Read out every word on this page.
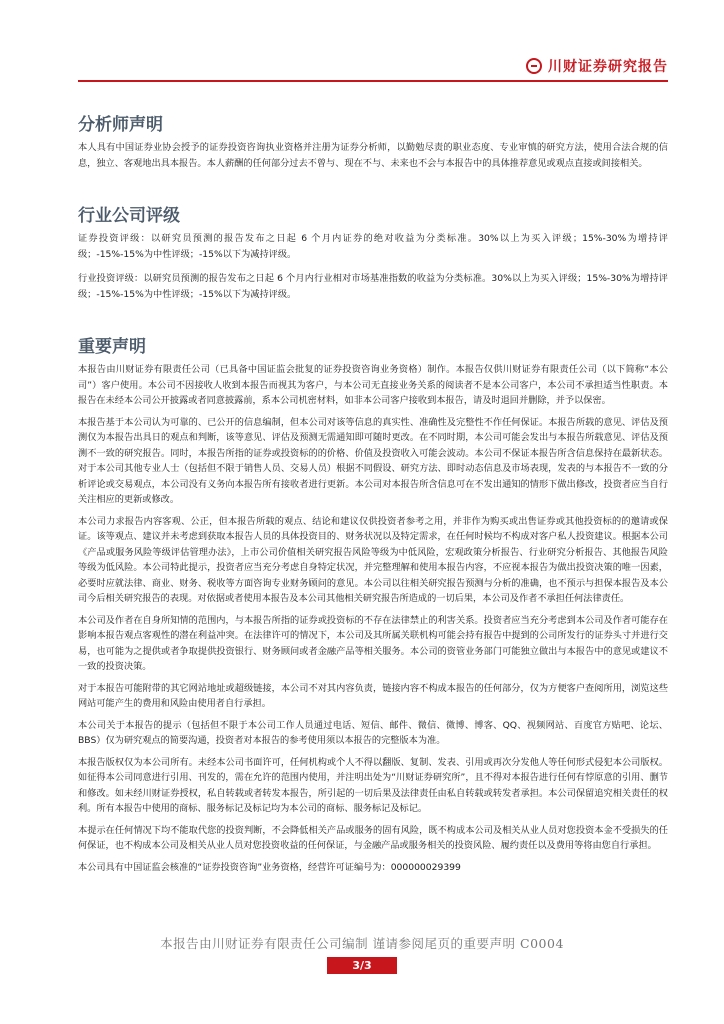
川财证券研究报告
分析师声明

本人具有中国证券业协会授予的证券投资咨询执业资格并注册为证券分析师，以勤勉尽责的职业态度、专业审慎的研究方法，使用合法合规的信息，独立、客观地出具本报告。本人薪酬的任何部分过去不曾与、现在不与、未来也不会与本报告中的具体推荐意见或观点直接或间接相关。

行业公司评级

证券投资评级：以研究员预测的报告发布之日起 6 个月内证券的绝对收益为分类标准。30%以上为买入评级；15%-30%为增持评级；-15%-15%为中性评级；-15%以下为减持评级。

行业投资评级：以研究员预测的报告发布之日起 6 个月内行业相对市场基准指数的收益为分类标准。30%以上为买入评级；15%-30%为增持评级；-15%-15%为中性评级；-15%以下为减持评级。

重要声明

本报告由川财证券有限责任公司（已具备中国证监会批复的证券投资咨询业务资格）制作。本报告仅供川财证券有限责任公司（以下简称“本公司”）客户使用。本公司不因接收人收到本报告而视其为客户，与本公司无直接业务关系的阅读者不是本公司客户，本公司不承担适当性职责。本报告在未经本公司公开披露或者同意披露前，系本公司机密材料，如非本公司客户接收到本报告，请及时退回并删除，并予以保密。

本报告基于本公司认为可靠的、已公开的信息编制，但本公司对该等信息的真实性、准确性及完整性不作任何保证。本报告所载的意见、评估及预测仅为本报告出具日的观点和判断，该等意见、评估及预测无需通知即可随时更改。在不同时期，本公司可能会发出与本报告所载意见、评估及预测不一致的研究报告。同时，本报告所指的证券或投资标的的价格、价值及投资收入可能会波动。本公司不保证本报告所含信息保持在最新状态。对于本公司其他专业人士（包括但不限于销售人员、交易人员）根据不同假设、研究方法、即时动态信息及市场表现，发表的与本报告不一致的分析评论或交易观点，本公司没有义务向本报告所有接收者进行更新。本公司对本报告所含信息可在不发出通知的情形下做出修改，投资者应当自行关注相应的更新或修改。

本公司力求报告内容客观、公正，但本报告所载的观点、结论和建议仅供投资者参考之用，并非作为购买或出售证券或其他投资标的的邀请或保证。该等观点、建议并未考虑到获取本报告人员的具体投资目的、财务状况以及特定需求，在任何时候均不构成对客户私人投资建议。根据本公司《产品或服务风险等级评估管理办法》，上市公司价值相关研究报告风险等级为中低风险，宏观政策分析报告、行业研究分析报告、其他报告风险等级为低风险。本公司特此提示，投资者应当充分考虑自身特定状况，并完整理解和使用本报告内容，不应视本报告为做出投资决策的唯一因素，必要时应就法律、商业、财务、税收等方面咨询专业财务顾问的意见。本公司以往相关研究报告预测与分析的准确，也不预示与担保本报告及本公司今后相关研究报告的表现。对依据或者使用本报告及本公司其他相关研究报告所造成的一切后果，本公司及作者不承担任何法律责任。

本公司及作者在自身所知情的范围内，与本报告所指的证券或投资标的不存在法律禁止的利害关系。投资者应当充分考虑到本公司及作者可能存在影响本报告观点客观性的潜在利益冲突。在法律许可的情况下，本公司及其所属关联机构可能会持有报告中提到的公司所发行的证券头寸并进行交易，也可能为之提供或者争取提供投资银行、财务顾问或者金融产品等相关服务。本公司的资管业务部门可能独立做出与本报告中的意见或建议不一致的投资决策。

对于本报告可能附带的其它网站地址或超级链接，本公司不对其内容负责，链接内容不构成本报告的任何部分，仅为方便客户查阅所用，浏览这些网站可能产生的费用和风险由使用者自行承担。

本公司关于本报告的提示（包括但不限于本公司工作人员通过电话、短信、邮件、微信、微博、博客、QQ、视频网站、百度官方贴吧、论坛、BBS）仅为研究观点的简要沟通，投资者对本报告的参考使用须以本报告的完整版本为准。

本报告版权仅为本公司所有。未经本公司书面许可，任何机构或个人不得以翻版、复制、发表、引用或再次分发他人等任何形式侵犯本公司版权。如征得本公司同意进行引用、刊发的，需在允许的范围内使用，并注明出处为“川财证券研究所”，且不得对本报告进行任何有悖原意的引用、删节和修改。如未经川财证券授权，私自转载或者转发本报告，所引起的一切后果及法律责任由私自转载或转发者承担。本公司保留追究相关责任的权利。所有本报告中使用的商标、服务标记及标记均为本公司的商标、服务标记及标记。

本提示在任何情况下均不能取代您的投资判断，不会降低相关产品或服务的固有风险，既不构成本公司及相关从业人员对您投资本金不受损失的任何保证，也不构成本公司及相关从业人员对您投资收益的任何保证，与金融产品或服务相关的投资风险、履约责任以及费用等将由您自行承担。

本公司具有中国证监会核准的“证券投资咨询”业务资格，经营许可证编号为：000000029399

本报告由川财证券有限责任公司编制 谨请参阅尾页的重要声明 C0004
3/3
